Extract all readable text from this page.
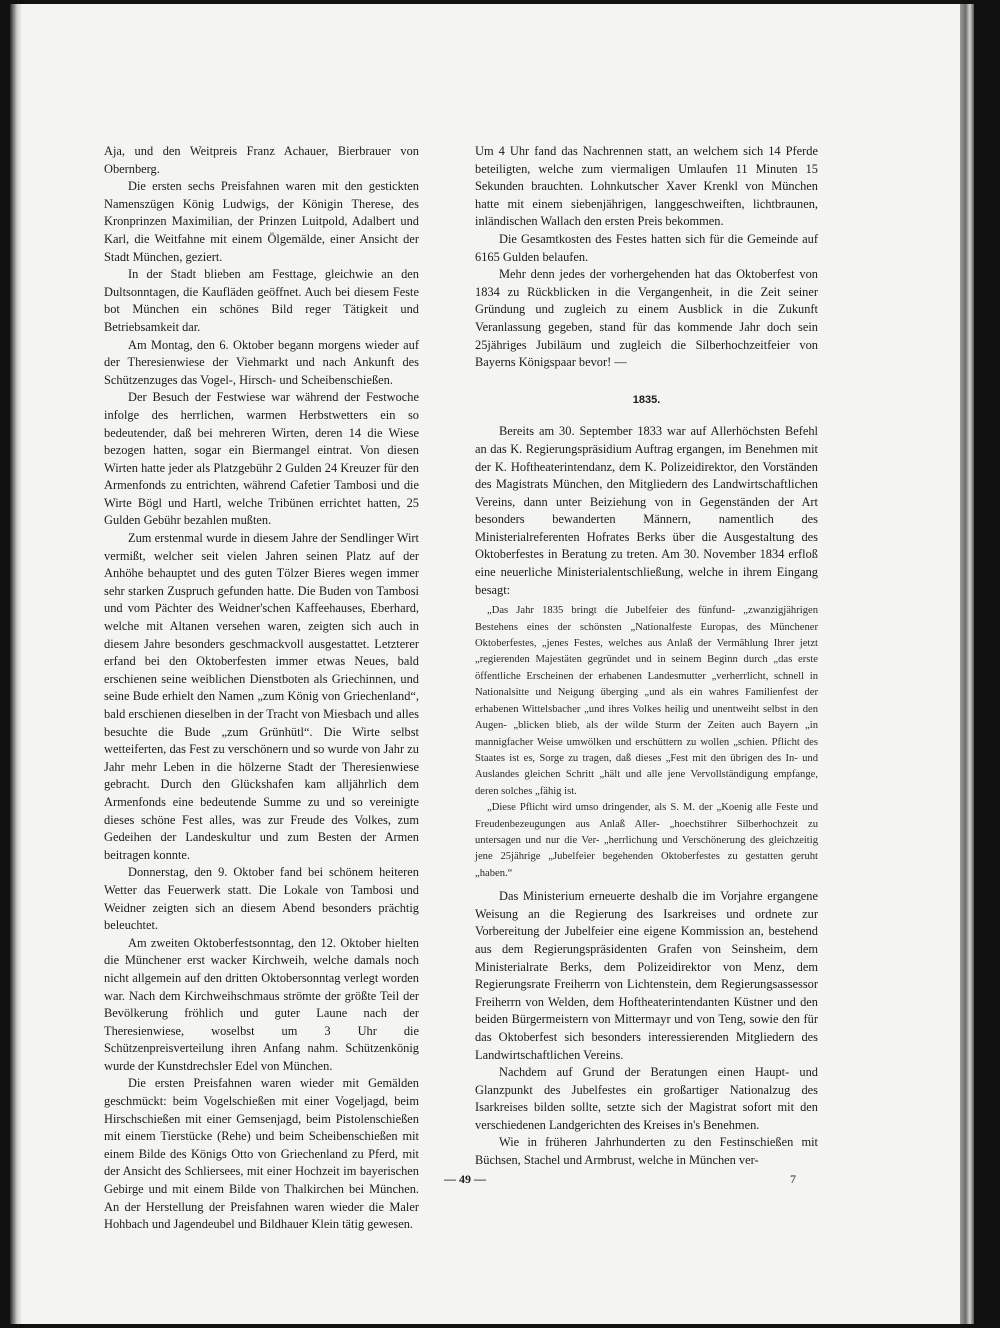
Aja, und den Weitpreis Franz Achauer, Bierbrauer von Obernberg.

Die ersten sechs Preisfahnen waren mit den gestickten Namenszügen König Ludwigs, der Königin Therese, des Kronprinzen Maximilian, der Prinzen Luitpold, Adalbert und Karl, die Weitfahne mit einem Ölgemälde, einer Ansicht der Stadt München, geziert.

In der Stadt blieben am Festtage, gleichwie an den Dultsonntagen, die Kaufläden geöffnet. Auch bei diesem Feste bot München ein schönes Bild reger Tätigkeit und Betriebsamkeit dar.

Am Montag, den 6. Oktober begann morgens wieder auf der Theresienwiese der Viehmarkt und nach Ankunft des Schützenzuges das Vogel-, Hirsch- und Scheibenschießen.

Der Besuch der Festwiese war während der Festwoche infolge des herrlichen, warmen Herbstwetters ein so bedeutender, daß bei mehreren Wirten, deren 14 die Wiese bezogen hatten, sogar ein Biermangel eintrat. Von diesen Wirten hatte jeder als Platzgebühr 2 Gulden 24 Kreuzer für den Armenfonds zu entrichten, während Cafetier Tambosi und die Wirte Bögl und Hartl, welche Tribünen errichtet hatten, 25 Gulden Gebühr bezahlen mußten.

Zum erstenmal wurde in diesem Jahre der Sendlinger Wirt vermißt, welcher seit vielen Jahren seinen Platz auf der Anhöhe behauptet und des guten Tölzer Bieres wegen immer sehr starken Zuspruch gefunden hatte. Die Buden von Tambosi und vom Pächter des Weidner'schen Kaffeehauses, Eberhard, welche mit Altanen versehen waren, zeigten sich auch in diesem Jahre besonders geschmackvoll ausgestattet. Letzterer erfand bei den Oktoberfesten immer etwas Neues, bald erschienen seine weiblichen Dienstboten als Griechinnen, und seine Bude erhielt den Namen „zum König von Griechenland“, bald erschienen dieselben in der Tracht von Miesbach und alles besuchte die Bude „zum Grünhütl“. Die Wirte selbst wetteiferten, das Fest zu verschönern und so wurde von Jahr zu Jahr mehr Leben in die hölzerne Stadt der Theresienwiese gebracht. Durch den Glückshafen kam alljährlich dem Armenfonds eine bedeutende Summe zu und so vereinigte dieses schöne Fest alles, was zur Freude des Volkes, zum Gedeihen der Landeskultur und zum Besten der Armen beitragen konnte.

Donnerstag, den 9. Oktober fand bei schönem heiteren Wetter das Feuerwerk statt. Die Lokale von Tambosi und Weidner zeigten sich an diesem Abend besonders prächtig beleuchtet.

Am zweiten Oktoberfestsonntag, den 12. Oktober hielten die Münchener erst wacker Kirchweih, welche damals noch nicht allgemein auf den dritten Oktobersonntag verlegt worden war. Nach dem Kirchweihschmaus strömte der größte Teil der Bevölkerung fröhlich und guter Laune nach der Theresienwiese, woselbst um 3 Uhr die Schützenpreisverteilung ihren Anfang nahm. Schützenkönig wurde der Kunstdrechsler Edel von München.

Die ersten Preisfahnen waren wieder mit Gemälden geschmückt: beim Vogelschießen mit einer Vogeljagd, beim Hirschschießen mit einer Gemsenjagd, beim Pistolenschießen mit einem Tierstücke (Rehe) und beim Scheibenschießen mit einem Bilde des Königs Otto von Griechenland zu Pferd, mit der Ansicht des Schliersees, mit einer Hochzeit im bayerischen Gebirge und mit einem Bilde von Thalkirchen bei München. An der Herstellung der Preisfahnen waren wieder die Maler Hohbach und Jagendeubel und Bildhauer Klein tätig gewesen.

Um 4 Uhr fand das Nachrennen statt, an welchem sich 14 Pferde beteiligten, welche zum viermaligen Umlaufen 11 Minuten 15 Sekunden brauchten. Lohnkutscher Xaver Krenkl von München hatte mit einem siebenjährigen, langgeschweiften, lichtbraunen, inländischen Wallach den ersten Preis bekommen.

Die Gesamtkosten des Festes hatten sich für die Gemeinde auf 6165 Gulden belaufen.

Mehr denn jedes der vorhergehenden hat das Oktoberfest von 1834 zu Rückblicken in die Vergangenheit, in die Zeit seiner Gründung und zugleich zu einem Ausblick in die Zukunft Veranlassung gegeben, stand für das kommende Jahr doch sein 25jähriges Jubiläum und zugleich die Silberhochzeitfeier von Bayerns Königspaar bevor! —

1835.

Bereits am 30. September 1833 war auf Allerhöchsten Befehl an das K. Regierungspräsidium Auftrag ergangen, im Benehmen mit der K. Hoftheaterintendanz, dem K. Polizeidirektor, den Vorständen des Magistrats München, den Mitgliedern des Landwirtschaftlichen Vereins, dann unter Beiziehung von in Gegenständen der Art besonders bewanderten Männern, namentlich des Ministerialreferenten Hofrates Berks über die Ausgestaltung des Oktoberfestes in Beratung zu treten. Am 30. November 1834 erfloß eine neuerliche Ministerialentschließung, welche in ihrem Eingang besagt:

„Das Jahr 1835 bringt die Jubelfeier des fünfund- „zwanzigjährigen Bestehens eines der schönsten „Nationalfeste Europas, des Münchener Oktoberfestes, „jenes Festes, welches aus Anlaß der Vermählung Ihrer jetzt „regierenden Majestäten gegründet und in seinem Beginn durch „das erste öffentliche Erscheinen der erhabenen Landesmutter „verherrlicht, schnell in Nationalsitte und Neigung überging „und als ein wahres Familienfest der erhabenen Wittelsbacher „und ihres Volkes heilig und unentweiht selbst in den Augen- „blicken blieb, als der wilde Sturm der Zeiten auch Bayern „in mannigfacher Weise umwölken und erschüttern zu wollen „schien. Pflicht des Staates ist es, Sorge zu tragen, daß dieses „Fest mit den übrigen des In- und Auslandes gleichen Schritt „hält und alle jene Vervollständigung empfange, deren solches „fähig ist.

„Diese Pflicht wird umso dringender, als S. M. der „Koenig alle Feste und Freudenbezeugungen aus Anlaß Aller- „hoechstihrer Silberhochzeit zu untersagen und nur die Ver- „herrlichung und Verschönerung des gleichzeitig jene 25jährige „Jubelfeier begehenden Oktoberfestes zu gestatten geruht „haben.“

Das Ministerium erneuerte deshalb die im Vorjahre ergangene Weisung an die Regierung des Isarkreises und ordnete zur Vorbereitung der Jubelfeier eine eigene Kommission an, bestehend aus dem Regierungspräsidenten Grafen von Seinsheim, dem Ministerialrate Berks, dem Polizeidirektor von Menz, dem Regierungsrate Freiherrn von Lichtenstein, dem Regierungsassessor Freiherrn von Welden, dem Hoftheaterintendanten Küstner und den beiden Bürgermeistern von Mittermayr und von Teng, sowie den für das Oktoberfest sich besonders interessierenden Mitgliedern des Landwirtschaftlichen Vereins.

Nachdem auf Grund der Beratungen einen Haupt- und Glanzpunkt des Jubelfestes ein großartiger Nationalzug des Isarkreises bilden sollte, setzte sich der Magistrat sofort mit den verschiedenen Landgerichten des Kreises in's Benehmen.

Wie in früheren Jahrhunderten zu den Festinschießen mit Büchsen, Stachel und Armbrust, welche in München ver-

— 49 —	7
